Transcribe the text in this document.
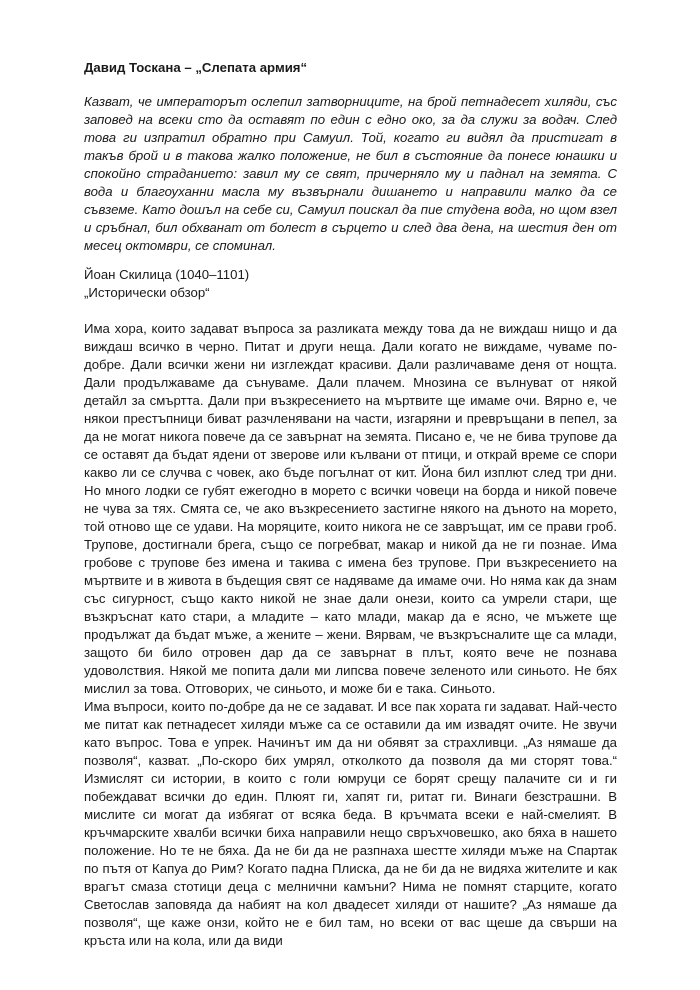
Давид Тоскана – „Слепата армия“

Казват, че императорът ослепил затворниците, на брой петнадесет хиляди, със заповед на всеки сто да оставят по един с едно око, за да служи за водач. След това ги изпратил обратно при Самуил. Той, когато ги видял да пристигат в такъв брой и в такова жалко положение, не бил в състояние да понесе юнашки и спокойно страданието: завил му се свят, причерняло му и паднал на земята. С вода и благоуханни масла му възвърнали дишането и направили малко да се съвземе. Като дошъл на себе си, Самуил поискал да пие студена вода, но щом взел и сръбнал, бил обхванат от болест в сърцето и след два дена, на шестия ден от месец октомври, се споминал.

Йоан Скилица (1040–1101)
„Исторически обзор“

Има хора, които задават въпроса за разликата между това да не виждаш нищо и да виждаш всичко в черно. Питат и други неща. Дали когато не виждаме, чуваме по-добре. Дали всички жени ни изглеждат красиви. Дали различаваме деня от нощта. Дали продължаваме да сънуваме. Дали плачем. Мнозина се вълнуват от някой детайл за смъртта. Дали при възкресението на мъртвите ще имаме очи. Вярно е, че някои престъпници биват разчленявани на части, изгаряни и превръщани в пепел, за да не могат никога повече да се завърнат на земята. Писано е, че не бива трупове да се оставят да бъдат ядени от зверове или кълвани от птици, и открай време се спори какво ли се случва с човек, ако бъде погълнат от кит. Йона бил изплют след три дни. Но много лодки се губят ежегодно в морето с всички човеци на борда и никой повече не чува за тях. Смята се, че ако възкресението застигне някого на дъното на морето, той отново ще се удави. На моряците, които никога не се завръщат, им се прави гроб. Трупове, достигнали брега, също се погребват, макар и никой да не ги познае. Има гробове с трупове без имена и такива с имена без трупове. При възкресението на мъртвите и в живота в бъдещия свят се надяваме да имаме очи. Но няма как да знам със сигурност, също както никой не знае дали онези, които са умрели стари, ще възкръснат като стари, а младите – като млади, макар да е ясно, че мъжете ще продължат да бъдат мъже, а жените – жени. Вярвам, че възкръсналите ще са млади, защото би било отровен дар да се завърнат в плът, която вече не познава удоволствия. Някой ме попита дали ми липсва повече зеленото или синьото. Не бях мислил за това. Отговорих, че синьото, и може би е така. Синьото.

Има въпроси, които по-добре да не се задават. И все пак хората ги задават. Най-често ме питат как петнадесет хиляди мъже са се оставили да им извадят очите. Не звучи като въпрос. Това е упрек. Начинът им да ни обявят за страхливци. „Аз нямаше да позволя“, казват. „По-скоро бих умрял, отколкото да позволя да ми сторят това.“ Измислят си истории, в които с голи юмруци се борят срещу палачите си и ги побеждават всички до един. Плюят ги, хапят ги, ритат ги. Винаги безстрашни. В мислите си могат да избягат от всяка беда. В кръчмата всеки е най-смелият. В кръчмарските хвалби всички биха направили нещо свръхчовешко, ако бяха в нашето положение. Но те не бяха. Да не би да не разпнаха шестте хиляди мъже на Спартак по пътя от Капуа до Рим? Когато падна Плиска, да не би да не видяха жителите и как врагът смаза стотици деца с мелнични камъни? Нима не помнят старците, когато Светослав заповяда да набият на кол двадесет хиляди от нашите? „Аз нямаше да позволя“, ще каже онзи, който не е бил там, но всеки от вас щеше да свърши на кръста или на кола, или да види
